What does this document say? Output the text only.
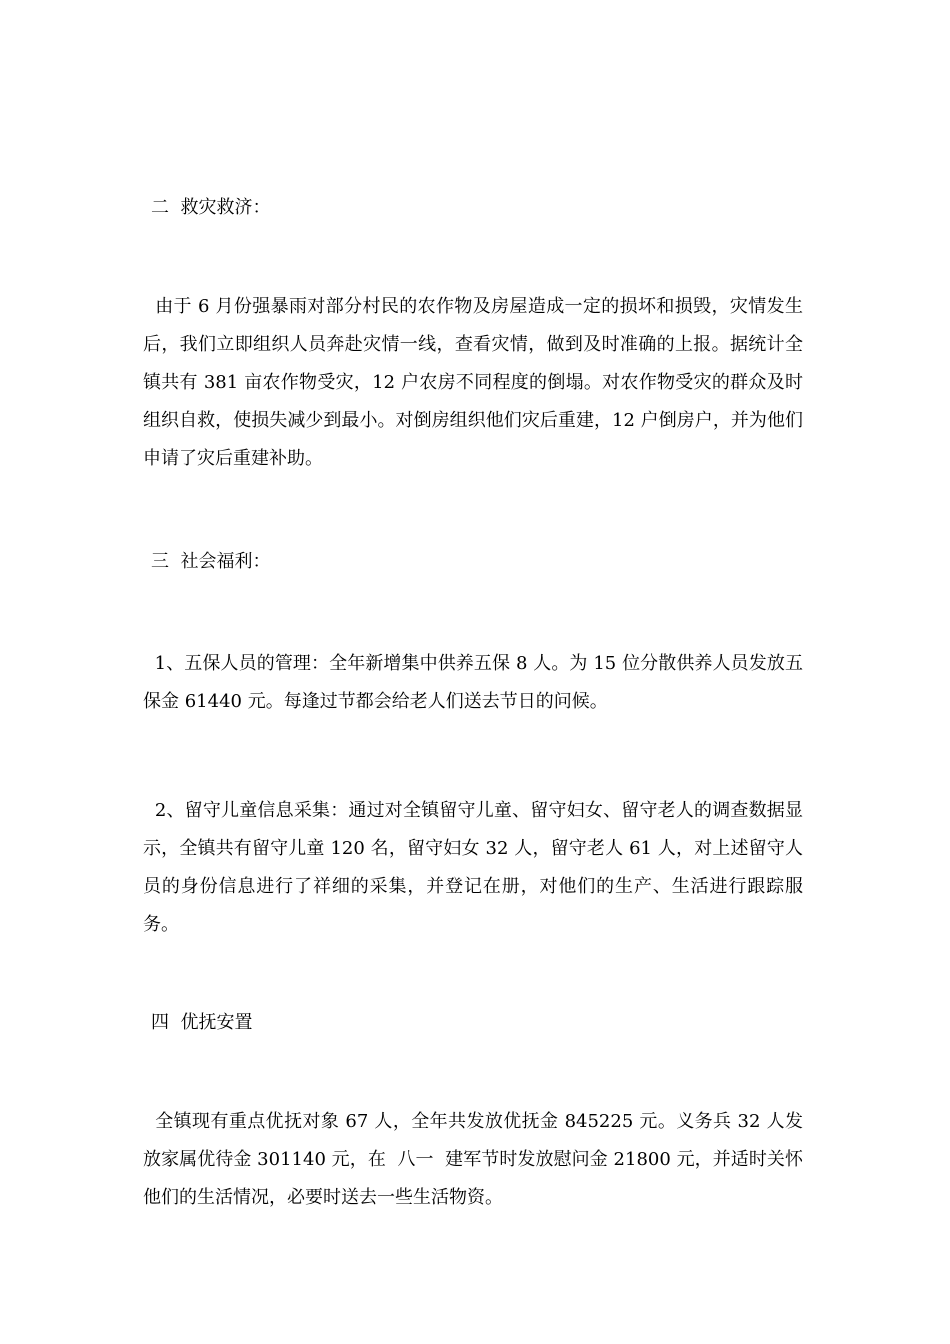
二  救灾救济：
由于 6 月份强暴雨对部分村民的农作物及房屋造成一定的损坏和损毁，灾情发生后，我们立即组织人员奔赴灾情一线，查看灾情，做到及时准确的上报。据统计全镇共有 381 亩农作物受灾，12 户农房不同程度的倒塌。对农作物受灾的群众及时组织自救，使损失减少到最小。对倒房组织他们灾后重建，12 户倒房户，并为他们申请了灾后重建补助。
三  社会福利：
1、五保人员的管理：全年新增集中供养五保 8 人。为 15 位分散供养人员发放五保金 61440 元。每逢过节都会给老人们送去节日的问候。
2、留守儿童信息采集：通过对全镇留守儿童、留守妇女、留守老人的调查数据显示，全镇共有留守儿童 120 名，留守妇女 32 人，留守老人 61 人，对上述留守人员的身份信息进行了祥细的采集，并登记在册，对他们的生产、生活进行跟踪服务。
四  优抚安置
全镇现有重点优抚对象 67 人，全年共发放优抚金 845225 元。义务兵 32 人发放家属优待金 301140 元，在  八一  建军节时发放慰问金 21800 元，并适时关怀他们的生活情况，必要时送去一些生活物资。
